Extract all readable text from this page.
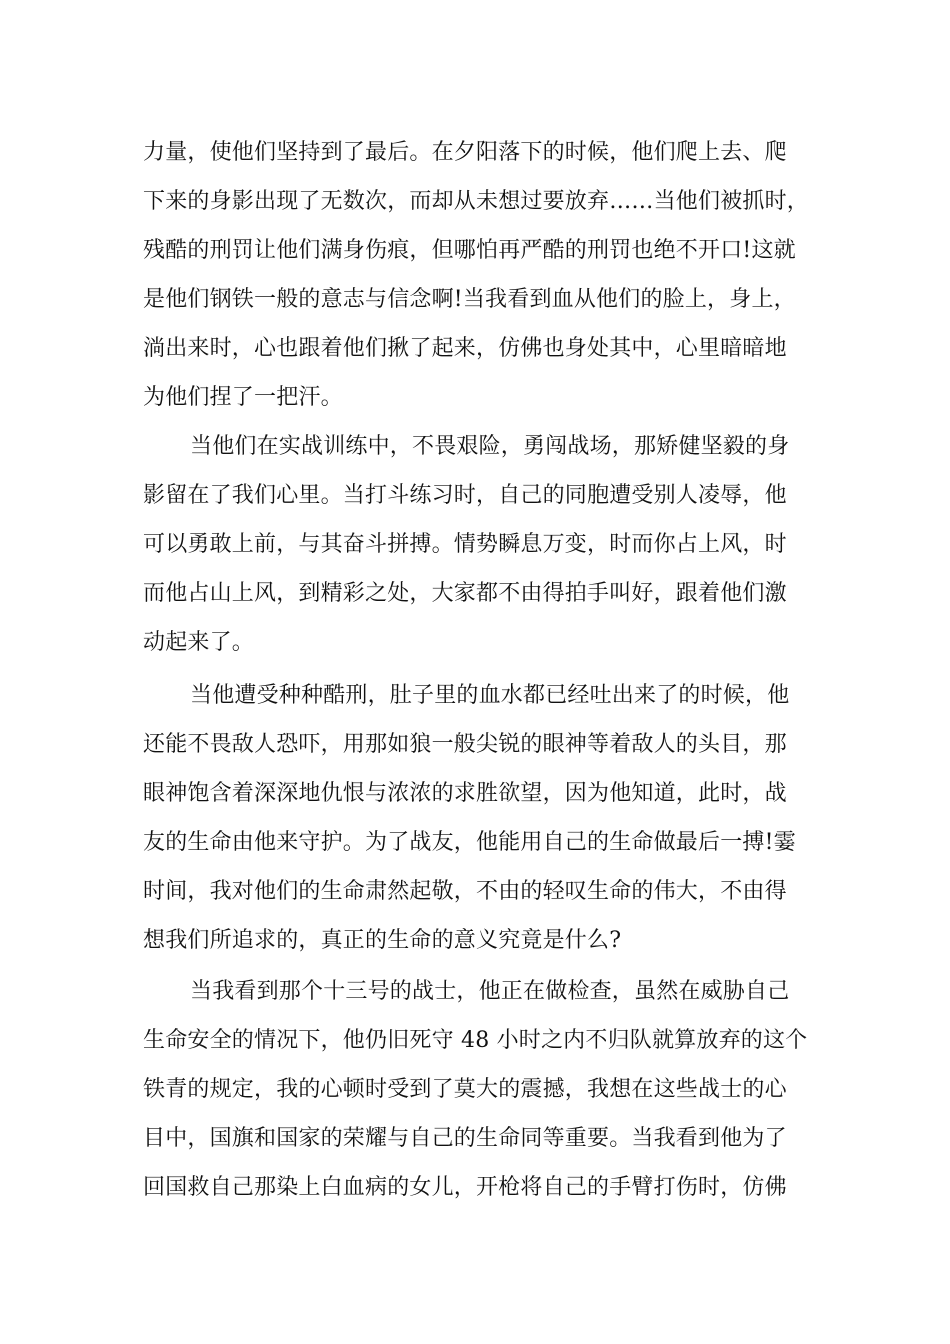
力量，使他们坚持到了最后。在夕阳落下的时候，他们爬上去、爬
下来的身影出现了无数次，而却从未想过要放弃……当他们被抓时，
残酷的刑罚让他们满身伤痕，但哪怕再严酷的刑罚也绝不开口!这就
是他们钢铁一般的意志与信念啊!当我看到血从他们的脸上，身上，
淌出来时，心也跟着他们揪了起来，仿佛也身处其中，心里暗暗地
为他们捏了一把汗。
当他们在实战训练中，不畏艰险，勇闯战场，那矫健坚毅的身
影留在了我们心里。当打斗练习时，自己的同胞遭受别人凌辱，他
可以勇敢上前，与其奋斗拼搏。情势瞬息万变，时而你占上风，时
而他占山上风，到精彩之处，大家都不由得拍手叫好，跟着他们激
动起来了。
当他遭受种种酷刑，肚子里的血水都已经吐出来了的时候，他
还能不畏敌人恐吓，用那如狼一般尖锐的眼神等着敌人的头目，那
眼神饱含着深深地仇恨与浓浓的求胜欲望，因为他知道，此时，战
友的生命由他来守护。为了战友，他能用自己的生命做最后一搏!霎
时间，我对他们的生命肃然起敬，不由的轻叹生命的伟大，不由得
想我们所追求的，真正的生命的意义究竟是什么?
当我看到那个十三号的战士，他正在做检查，虽然在威胁自己
生命安全的情况下，他仍旧死守 48 小时之内不归队就算放弃的这个
铁青的规定，我的心顿时受到了莫大的震撼，我想在这些战士的心
目中，国旗和国家的荣耀与自己的生命同等重要。当我看到他为了
回国救自己那染上白血病的女儿，开枪将自己的手臂打伤时，仿佛
